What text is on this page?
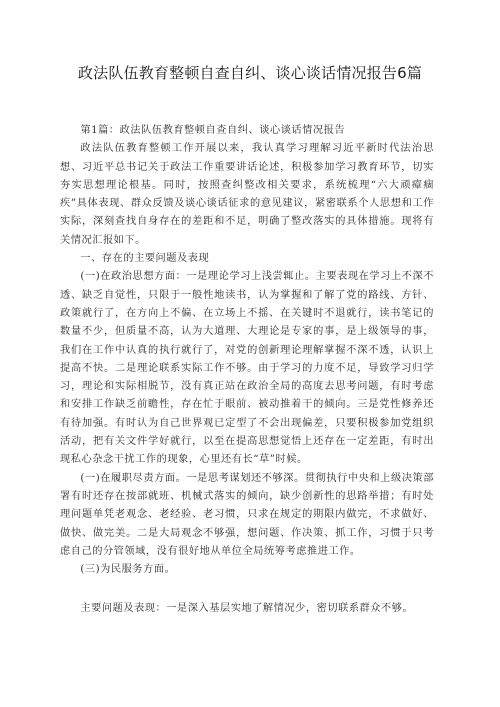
政法队伍教育整顿自查自纠、谈心谈话情况报告6篇

第1篇：政法队伍教育整顿自查自纠、谈心谈话情况报告

政法队伍教育整顿工作开展以来，我认真学习理解习近平新时代法治思想、习近平总书记关于政法工作重要讲话论述，积极参加学习教育环节，切实夯实思想理论根基。同时，按照查纠整改相关要求，系统梳理“六大顽瘴痼疾”具体表现、群众反馈及谈心谈话征求的意见建议，紧密联系个人思想和工作实际，深刻查找自身存在的差距和不足，明确了整改落实的具体措施。现将有关情况汇报如下。

一、存在的主要问题及表现

(一)在政治思想方面：一是理论学习上浅尝辄止。主要表现在学习上不深不透、缺乏自觉性，只限于一般性地读书，认为掌握和了解了党的路线、方针、政策就行了，在方向上不偏、在立场上不摇、在关键时不退就行，读书笔记的数量不少，但质量不高，认为大道理、大理论是专家的事，是上级领导的事，我们在工作中认真的执行就行了，对党的创新理论理解掌握不深不透，认识上提高不快。二是理论联系实际工作不够。由于学习的力度不足，导致学习归学习，理论和实际相脱节，没有真正站在政治全局的高度去思考问题，有时考虑和安排工作缺乏前瞻性，存在忙于眼前、被动推着干的倾向。三是党性修养还有待加强。有时认为自己世界观已定型了不会出现偏差，只要积极参加党组织活动，把有关文件学好就行，以至在提高思想觉悟上还存在一定差距，有时出现私心杂念干扰工作的现象，心里还有长“草”时候。

(一)在履职尽责方面。一是思考谋划还不够深。贯彻执行中央和上级决策部署有时还存在按部就班、机械式落实的倾向，缺少创新性的思路举措；有时处理问题单凭老观念、老经验、老习惯，只求在规定的期限内做完，不求做好、做快、做完美。二是大局观念不够强，想问题、作决策、抓工作，习惯于只考虑自己的分管领域，没有很好地从单位全局统筹考虑推进工作。

(三)为民服务方面。

主要问题及表现：一是深入基层实地了解情况少，密切联系群众不够。
